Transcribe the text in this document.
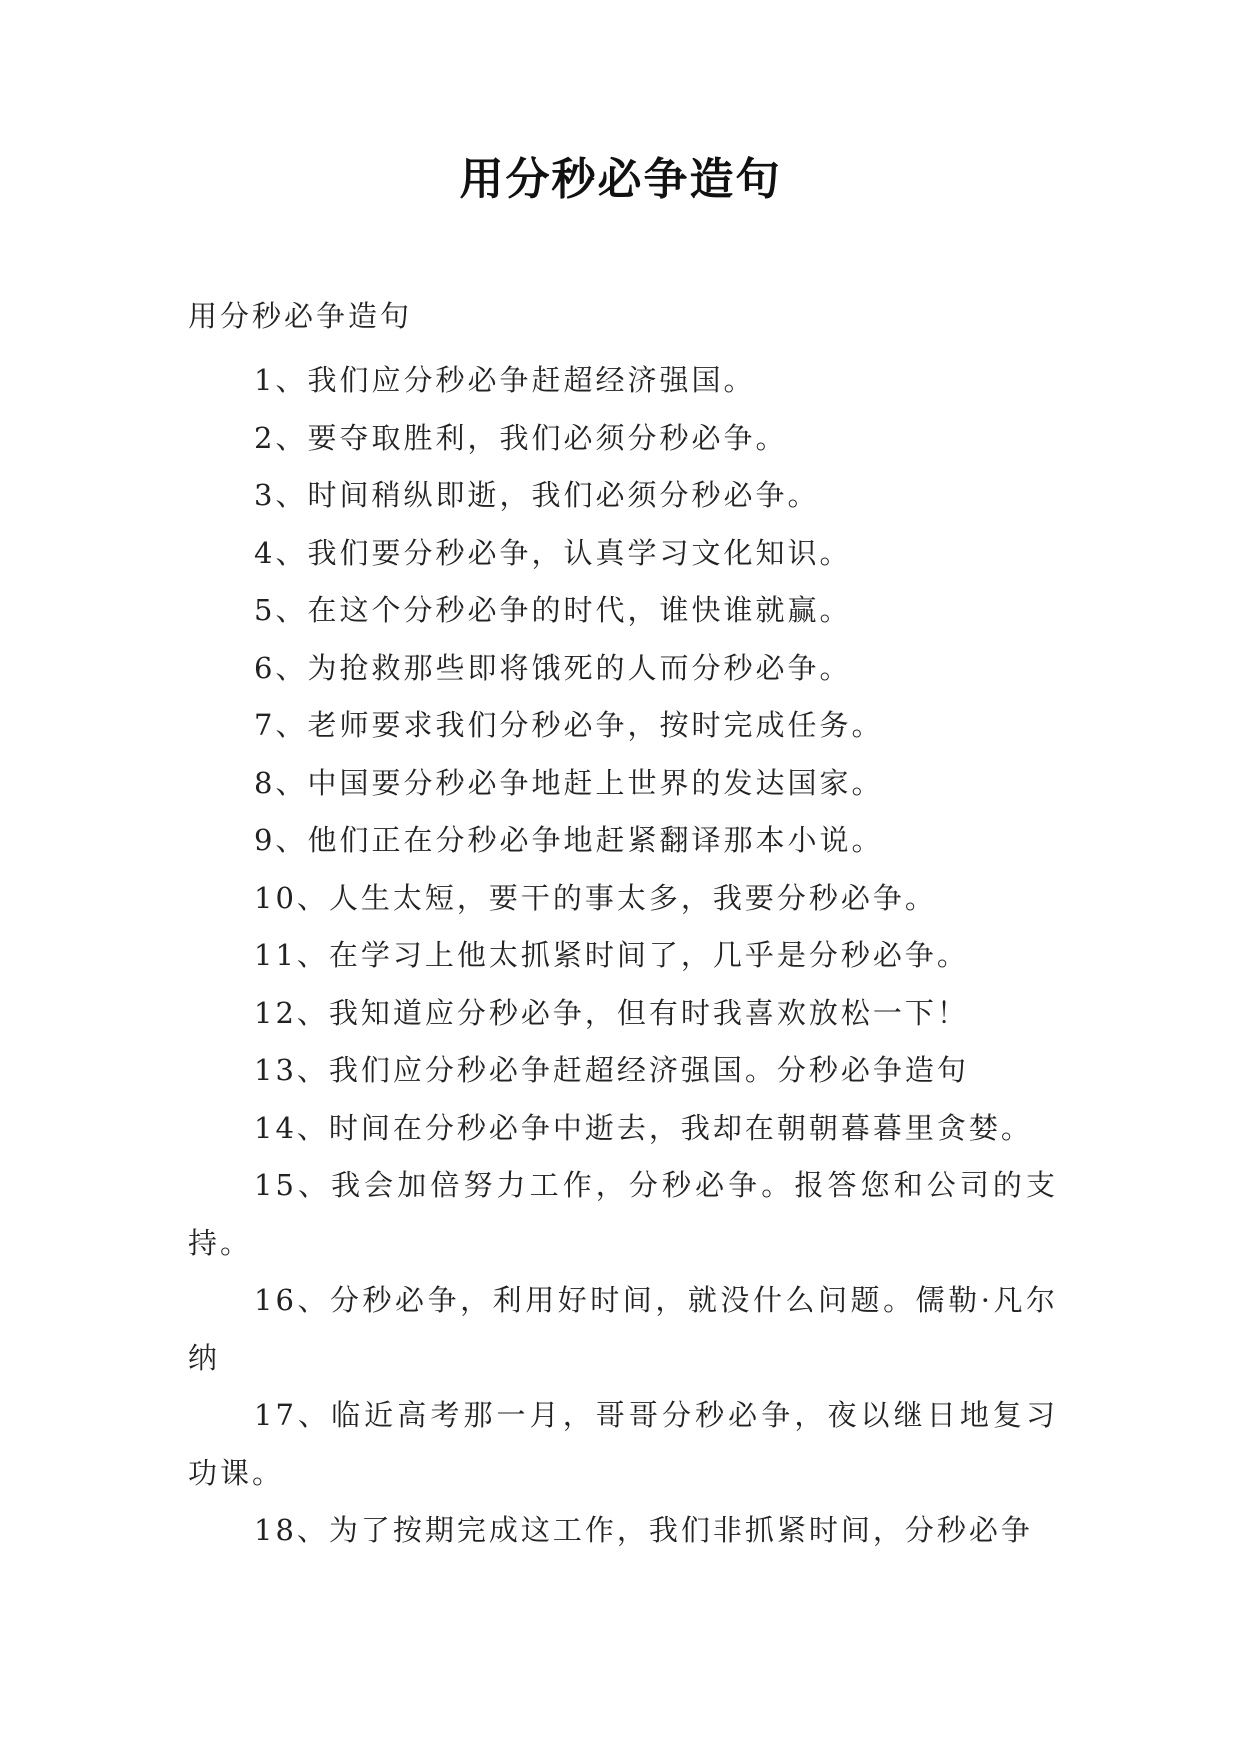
用分秒必争造句
用分秒必争造句
1、我们应分秒必争赶超经济强国。
2、要夺取胜利，我们必须分秒必争。
3、时间稍纵即逝，我们必须分秒必争。
4、我们要分秒必争，认真学习文化知识。
5、在这个分秒必争的时代，谁快谁就赢。
6、为抢救那些即将饿死的人而分秒必争。
7、老师要求我们分秒必争，按时完成任务。
8、中国要分秒必争地赶上世界的发达国家。
9、他们正在分秒必争地赶紧翻译那本小说。
10、人生太短，要干的事太多，我要分秒必争。
11、在学习上他太抓紧时间了，几乎是分秒必争。
12、我知道应分秒必争，但有时我喜欢放松一下！
13、我们应分秒必争赶超经济强国。分秒必争造句
14、时间在分秒必争中逝去，我却在朝朝暮暮里贪婪。
15、我会加倍努力工作，分秒必争。报答您和公司的支持。
16、分秒必争，利用好时间，就没什么问题。儒勒·凡尔纳
17、临近高考那一月，哥哥分秒必争，夜以继日地复习功课。
18、为了按期完成这工作，我们非抓紧时间，分秒必争
